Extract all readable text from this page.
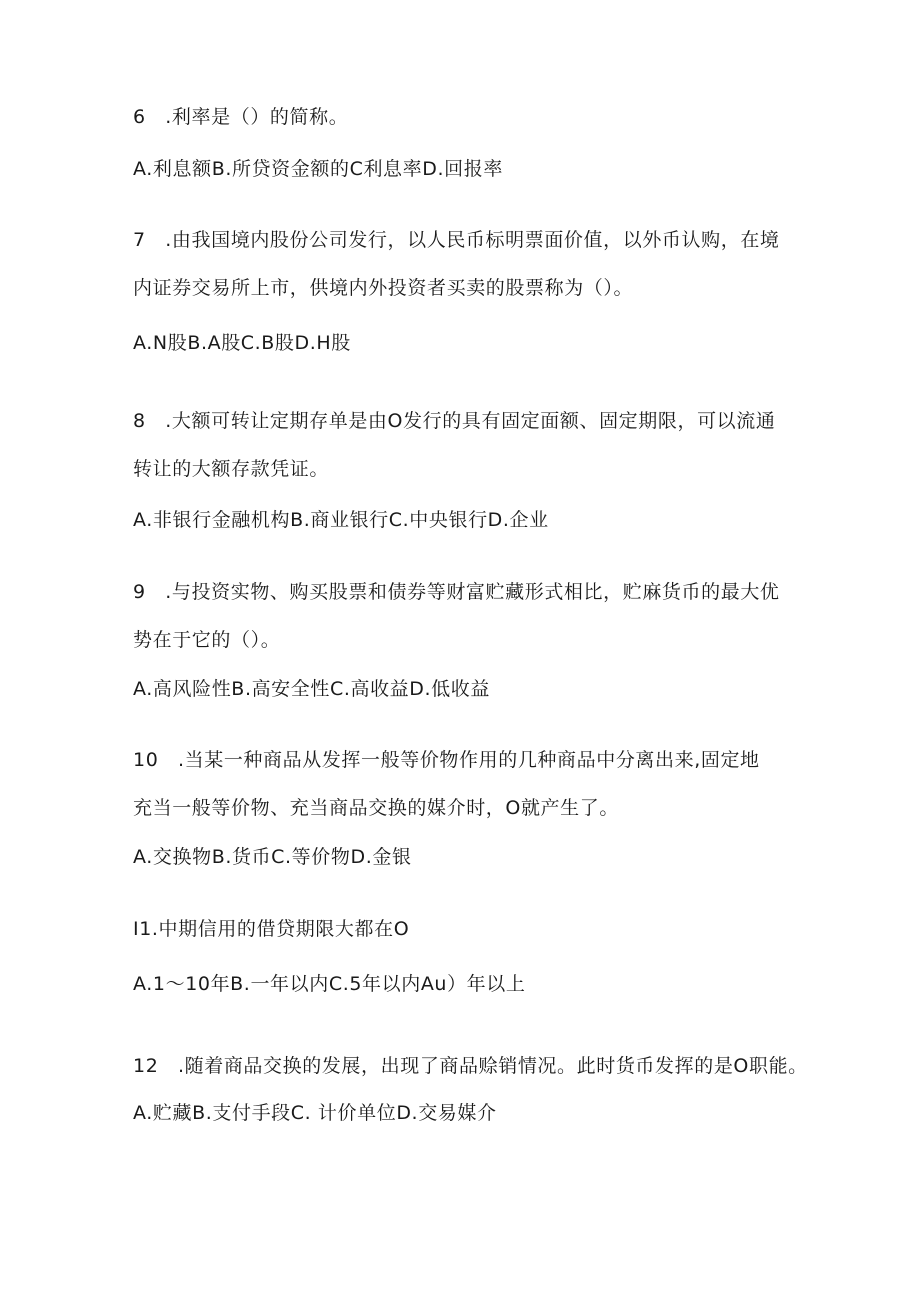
6　.利率是（）的简称。
A.利息额B.所贷资金额的C利息率D.回报率
7　.由我国境内股份公司发行，以人民币标明票面价值，以外币认购，在境
内证券交易所上市，供境内外投资者买卖的股票称为（）。
A.N股B.A股C.B股D.H股
8　.大额可转让定期存单是由O发行的具有固定面额、固定期限，可以流通
转让的大额存款凭证。
A.非银行金融机构B.商业银行C.中央银行D.企业
9　.与投资实物、购买股票和债券等财富贮藏形式相比，贮麻货币的最大优
势在于它的（）。
A.高风险性B.高安全性C.高收益D.低收益
10　.当某一种商品从发挥一般等价物作用的几种商品中分离出来,固定地
充当一般等价物、充当商品交换的媒介时，O就产生了。
A.交换物B.货币C.等价物D.金银
I1.中期信用的借贷期限大都在O
A.1～10年B.一年以内C.5年以内Au）年以上
12　.随着商品交换的发展，出现了商品赊销情况。此时货币发挥的是O职能。
A.贮藏B.支付手段C. 计价单位D.交易媒介
